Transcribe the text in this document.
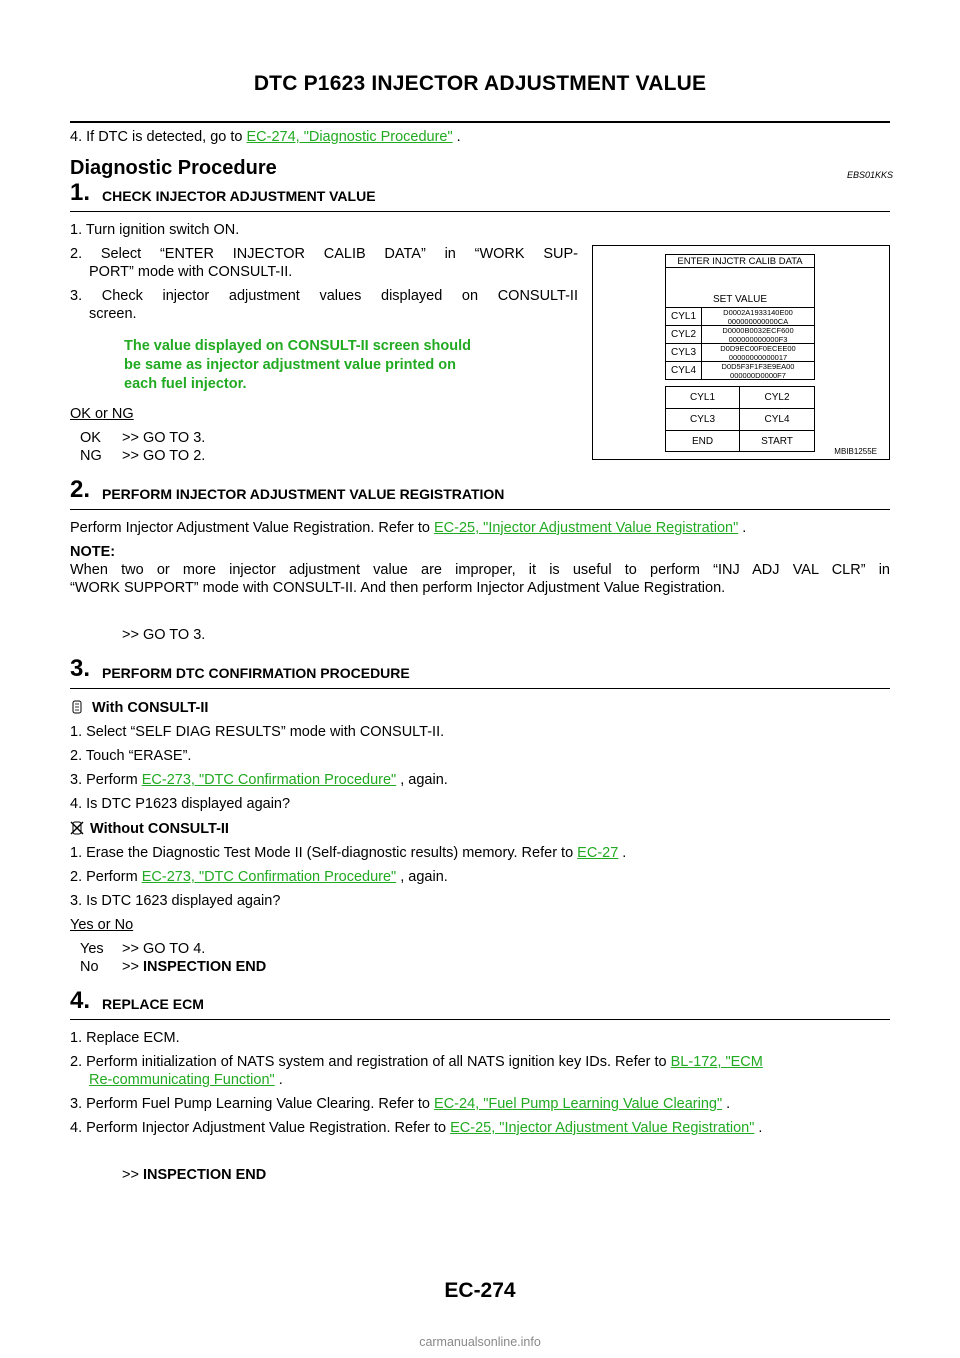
DTC P1623 INJECTOR ADJUSTMENT VALUE
4. If DTC is detected, go to EC-274, "Diagnostic Procedure" .
Diagnostic Procedure	EBS01KKS
1. CHECK INJECTOR ADJUSTMENT VALUE
1. Turn ignition switch ON.
2. Select “ENTER INJECTOR CALIB DATA” in “WORK SUP-
PORT” mode with CONSULT-II.
3. Check injector adjustment values displayed on CONSULT-II
screen.
The value displayed on CONSULT-II screen should
be same as injector adjustment value printed on
each fuel injector.
OK or NG
OK >> GO TO 3.
NG >> GO TO 2.
ENTER INJCTR CALIB DATA
SET VALUE
CYL1	D0002A1933140E00
000000000000CA
CYL2	D0000B0032ECF600
000000000000F3
CYL3	D0D9EC00F0ECEE00
00000000000017
CYL4	D0D5F3F1F3E9EA00
000000D0000F7
CYL1	CYL2
CYL3	CYL4
END	START
MBIB1255E
2. PERFORM INJECTOR ADJUSTMENT VALUE REGISTRATION
Perform Injector Adjustment Value Registration. Refer to EC-25, "Injector Adjustment Value Registration" .
NOTE:
When two or more injector adjustment value are improper, it is useful to perform “INJ ADJ VAL CLR” in
“WORK SUPPORT” mode with CONSULT-II. And then perform Injector Adjustment Value Registration.
>> GO TO 3.
3. PERFORM DTC CONFIRMATION PROCEDURE
With CONSULT-II
1. Select “SELF DIAG RESULTS” mode with CONSULT-II.
2. Touch “ERASE”.
3. Perform EC-273, "DTC Confirmation Procedure" , again.
4. Is DTC P1623 displayed again?
Without CONSULT-II
1. Erase the Diagnostic Test Mode II (Self-diagnostic results) memory. Refer to EC-27 .
2. Perform EC-273, "DTC Confirmation Procedure" , again.
3. Is DTC 1623 displayed again?
Yes or No
Yes >> GO TO 4.
No >> INSPECTION END
4. REPLACE ECM
1. Replace ECM.
2. Perform initialization of NATS system and registration of all NATS ignition key IDs. Refer to BL-172, "ECM
Re-communicating Function" .
3. Perform Fuel Pump Learning Value Clearing. Refer to EC-24, "Fuel Pump Learning Value Clearing" .
4. Perform Injector Adjustment Value Registration. Refer to EC-25, "Injector Adjustment Value Registration" .
>> INSPECTION END
EC-274
carmanualsonline.info
